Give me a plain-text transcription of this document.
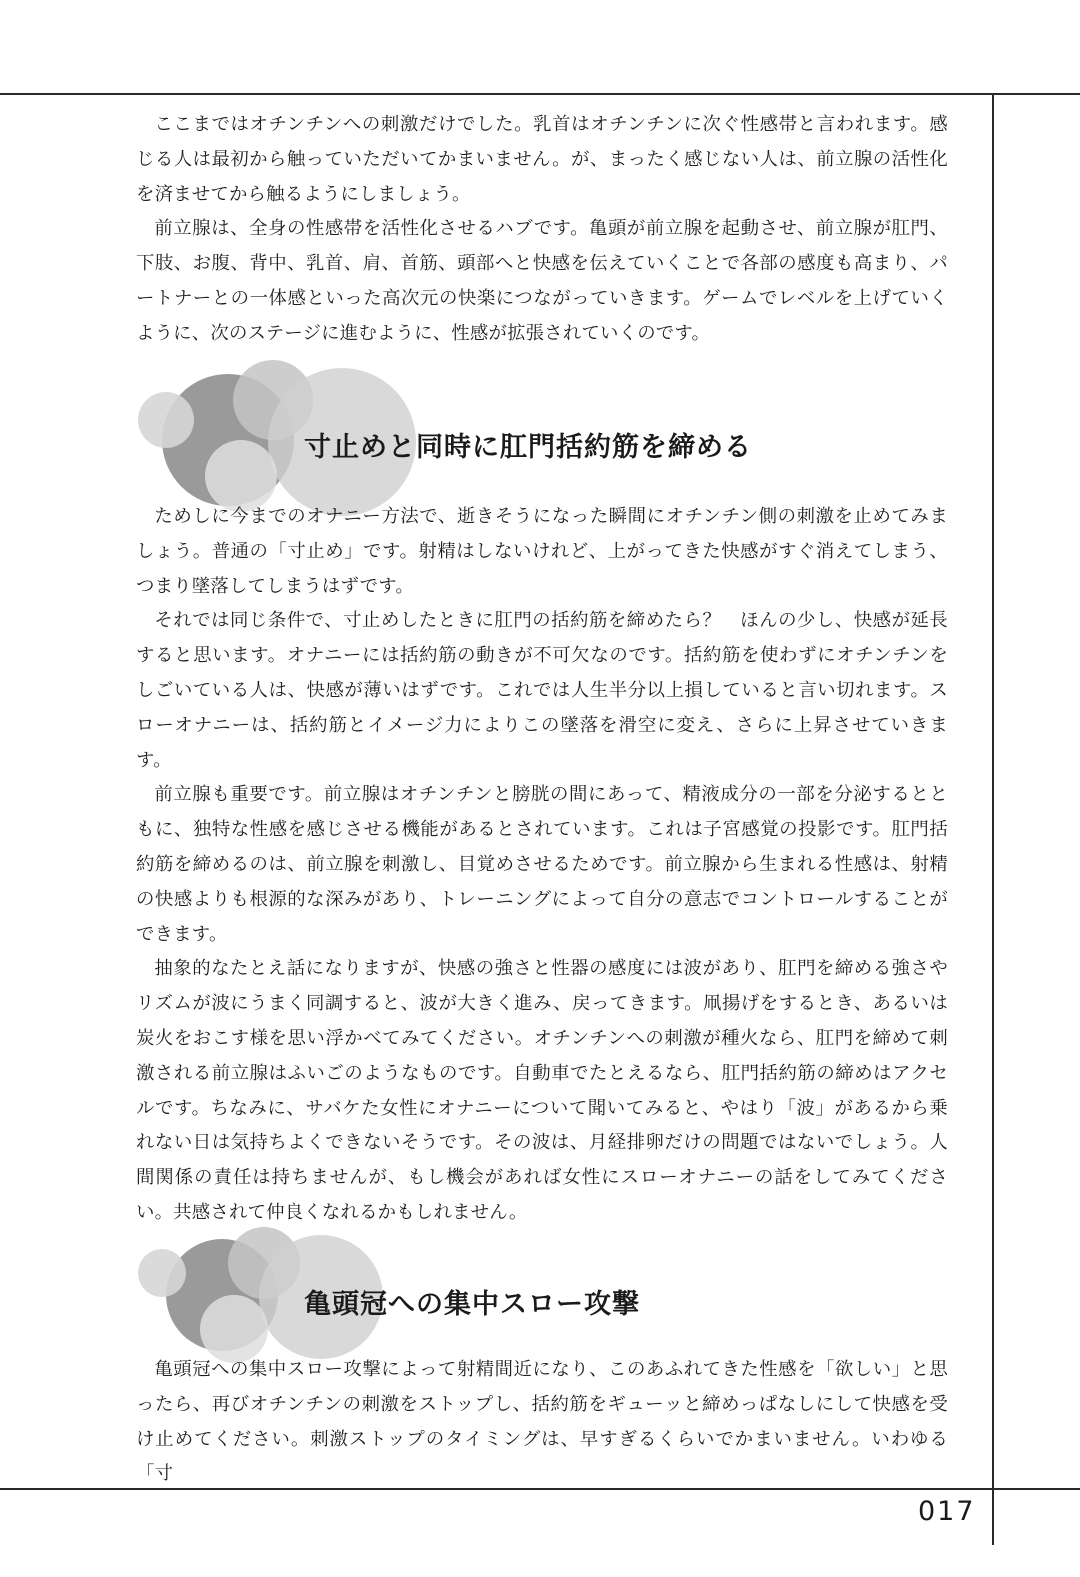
ここまではオチンチンへの刺激だけでした。乳首はオチンチンに次ぐ性感帯と言われます。感じる人は最初から触っていただいてかまいません。が、まったく感じない人は、前立腺の活性化を済ませてから触るようにしましょう。

前立腺は、全身の性感帯を活性化させるハブです。亀頭が前立腺を起動させ、前立腺が肛門、下肢、お腹、背中、乳首、肩、首筋、頭部へと快感を伝えていくことで各部の感度も高まり、パートナーとの一体感といった高次元の快楽につながっていきます。ゲームでレベルを上げていくように、次のステージに進むように、性感が拡張されていくのです。

寸止めと同時に肛門括約筋を締める

ためしに今までのオナニー方法で、逝きそうになった瞬間にオチンチン側の刺激を止めてみましょう。普通の「寸止め」です。射精はしないけれど、上がってきた快感がすぐ消えてしまう、つまり墜落してしまうはずです。

それでは同じ条件で、寸止めしたときに肛門の括約筋を締めたら？　ほんの少し、快感が延長すると思います。オナニーには括約筋の動きが不可欠なのです。括約筋を使わずにオチンチンをしごいている人は、快感が薄いはずです。これでは人生半分以上損していると言い切れます。スローオナニーは、括約筋とイメージ力によりこの墜落を滑空に変え、さらに上昇させていきます。

前立腺も重要です。前立腺はオチンチンと膀胱の間にあって、精液成分の一部を分泌するとともに、独特な性感を感じさせる機能があるとされています。これは子宮感覚の投影です。肛門括約筋を締めるのは、前立腺を刺激し、目覚めさせるためです。前立腺から生まれる性感は、射精の快感よりも根源的な深みがあり、トレーニングによって自分の意志でコントロールすることができます。

抽象的なたとえ話になりますが、快感の強さと性器の感度には波があり、肛門を締める強さやリズムが波にうまく同調すると、波が大きく進み、戻ってきます。凧揚げをするとき、あるいは炭火をおこす様を思い浮かべてみてください。オチンチンへの刺激が種火なら、肛門を締めて刺激される前立腺はふいごのようなものです。自動車でたとえるなら、肛門括約筋の締めはアクセルです。ちなみに、サバケた女性にオナニーについて聞いてみると、やはり「波」があるから乗れない日は気持ちよくできないそうです。その波は、月経排卵だけの問題ではないでしょう。人間関係の責任は持ちませんが、もし機会があれば女性にスローオナニーの話をしてみてください。共感されて仲良くなれるかもしれません。

亀頭冠への集中スロー攻撃

亀頭冠への集中スロー攻撃によって射精間近になり、このあふれてきた性感を「欲しい」と思ったら、再びオチンチンの刺激をストップし、括約筋をギューッと締めっぱなしにして快感を受け止めてください。刺激ストップのタイミングは、早すぎるくらいでかまいません。いわゆる「寸

017
